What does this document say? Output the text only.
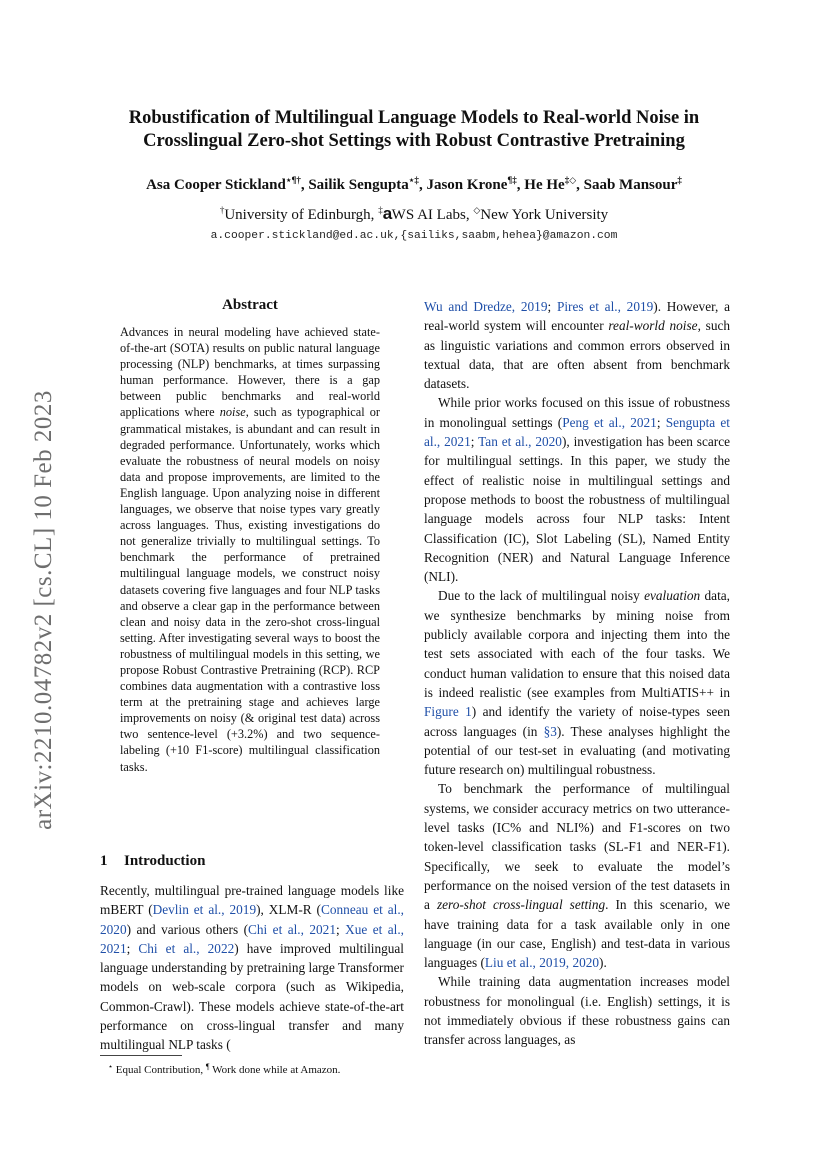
arXiv:2210.04782v2 [cs.CL] 10 Feb 2023
Robustification of Multilingual Language Models to Real-world Noise in Crosslingual Zero-shot Settings with Robust Contrastive Pretraining
Asa Cooper Stickland⋆¶†, Sailik Sengupta⋆‡, Jason Krone¶‡, He He‡◇, Saab Mansour‡
†University of Edinburgh, ‡aWS AI Labs, ◇New York University
a.cooper.stickland@ed.ac.uk,{sailiks,saabm,hehea}@amazon.com
Abstract
Advances in neural modeling have achieved state-of-the-art (SOTA) results on public natural language processing (NLP) benchmarks, at times surpassing human performance. However, there is a gap between public benchmarks and real-world applications where noise, such as typographical or grammatical mistakes, is abundant and can result in degraded performance. Unfortunately, works which evaluate the robustness of neural models on noisy data and propose improvements, are limited to the English language. Upon analyzing noise in different languages, we observe that noise types vary greatly across languages. Thus, existing investigations do not generalize trivially to multilingual settings. To benchmark the performance of pretrained multilingual language models, we construct noisy datasets covering five languages and four NLP tasks and observe a clear gap in the performance between clean and noisy data in the zero-shot cross-lingual setting. After investigating several ways to boost the robustness of multilingual models in this setting, we propose Robust Contrastive Pretraining (RCP). RCP combines data augmentation with a contrastive loss term at the pretraining stage and achieves large improvements on noisy (& original test data) across two sentence-level (+3.2%) and two sequence-labeling (+10 F1-score) multilingual classification tasks.
1 Introduction
Recently, multilingual pre-trained language models like mBERT (Devlin et al., 2019), XLM-R (Conneau et al., 2020) and various others (Chi et al., 2021; Xue et al., 2021; Chi et al., 2022) have improved multilingual language understanding by pretraining large Transformer models on web-scale corpora (such as Wikipedia, Common-Crawl). These models achieve state-of-the-art performance on cross-lingual transfer and many multilingual NLP tasks (
⋆ Equal Contribution, ¶ Work done while at Amazon.

Wu and Dredze, 2019; Pires et al., 2019). However, a real-world system will encounter real-world noise, such as linguistic variations and common errors observed in textual data, that are often absent from benchmark datasets.

While prior works focused on this issue of robustness in monolingual settings (Peng et al., 2021; Sengupta et al., 2021; Tan et al., 2020), investigation has been scarce for multilingual settings. In this paper, we study the effect of realistic noise in multilingual settings and propose methods to boost the robustness of multilingual language models across four NLP tasks: Intent Classification (IC), Slot Labeling (SL), Named Entity Recognition (NER) and Natural Language Inference (NLI).

Due to the lack of multilingual noisy evaluation data, we synthesize benchmarks by mining noise from publicly available corpora and injecting them into the test sets associated with each of the four tasks. We conduct human validation to ensure that this noised data is indeed realistic (see examples from MultiATIS++ in Figure 1) and identify the variety of noise-types seen across languages (in §3). These analyses highlight the potential of our test-set in evaluating (and motivating future research on) multilingual robustness.

To benchmark the performance of multilingual systems, we consider accuracy metrics on two utterance-level tasks (IC% and NLI%) and F1-scores on two token-level classification tasks (SL-F1 and NER-F1). Specifically, we seek to evaluate the model’s performance on the noised version of the test datasets in a zero-shot cross-lingual setting. In this scenario, we have training data for a task available only in one language (in our case, English) and test-data in various languages (Liu et al., 2019, 2020).

While training data augmentation increases model robustness for monolingual (i.e. English) settings, it is not immediately obvious if these robustness gains can transfer across languages, as
